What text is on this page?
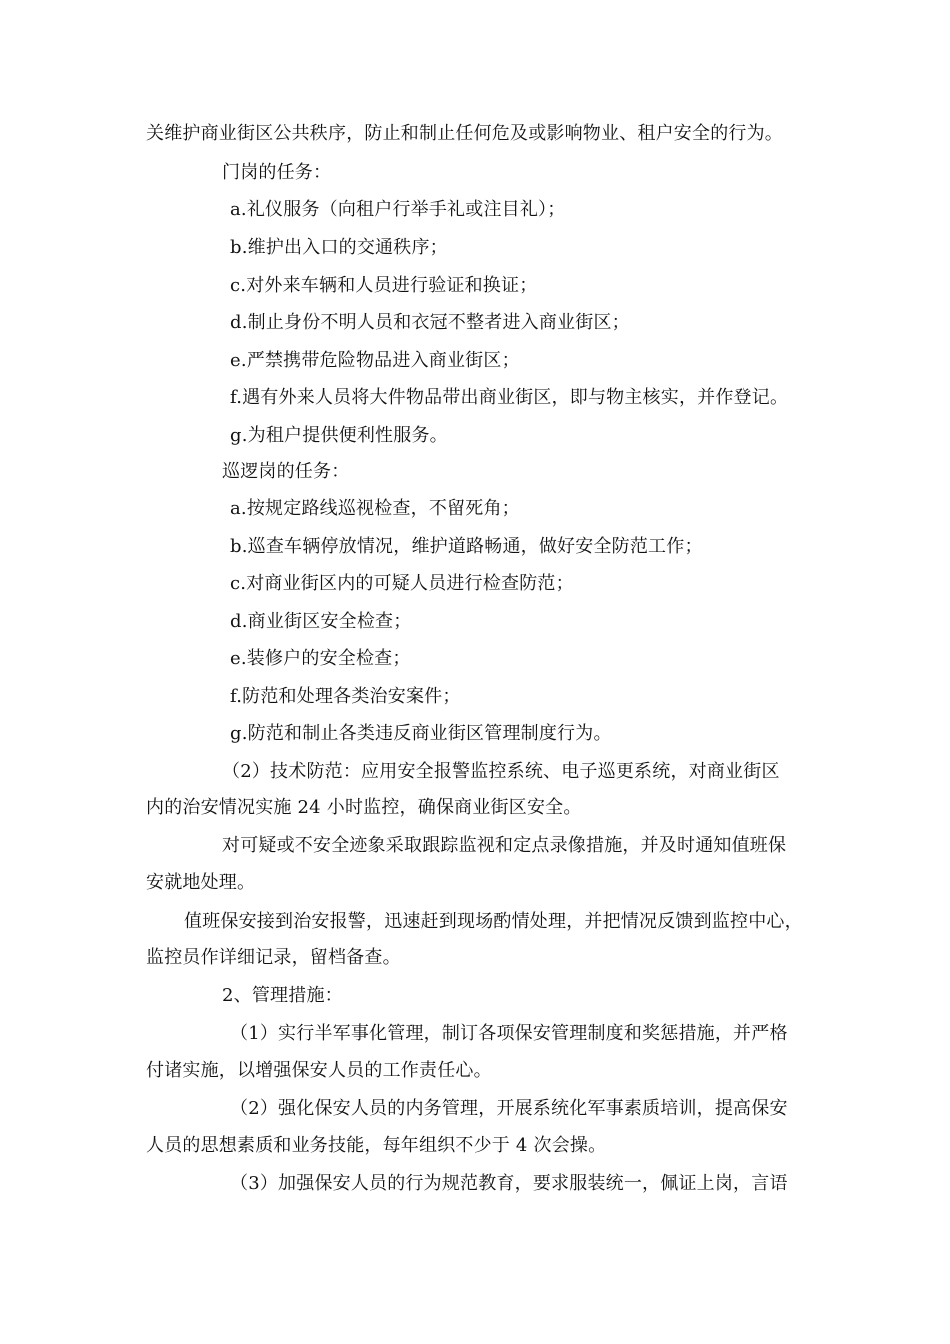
关维护商业街区公共秩序，防止和制止任何危及或影响物业、租户安全的行为。
门岗的任务：
a.礼仪服务（向租户行举手礼或注目礼）；
b.维护出入口的交通秩序；
c.对外来车辆和人员进行验证和换证；
d.制止身份不明人员和衣冠不整者进入商业街区；
e.严禁携带危险物品进入商业街区；
f.遇有外来人员将大件物品带出商业街区，即与物主核实，并作登记。
g.为租户提供便利性服务。
巡逻岗的任务：
a.按规定路线巡视检查，不留死角；
b.巡查车辆停放情况，维护道路畅通，做好安全防范工作；
c.对商业街区内的可疑人员进行检查防范；
d.商业街区安全检查；
e.装修户的安全检查；
f.防范和处理各类治安案件；
g.防范和制止各类违反商业街区管理制度行为。
（2）技术防范：应用安全报警监控系统、电子巡更系统，对商业街区
内的治安情况实施 24 小时监控，确保商业街区安全。
对可疑或不安全迹象采取跟踪监视和定点录像措施，并及时通知值班保
安就地处理。
值班保安接到治安报警，迅速赶到现场酌情处理，并把情况反馈到监控中心，
监控员作详细记录，留档备查。
2、管理措施：
（1）实行半军事化管理，制订各项保安管理制度和奖惩措施，并严格
付诸实施，以增强保安人员的工作责任心。
（2）强化保安人员的内务管理，开展系统化军事素质培训，提高保安
人员的思想素质和业务技能，每年组织不少于 4 次会操。
（3）加强保安人员的行为规范教育，要求服装统一，佩证上岗，言语
